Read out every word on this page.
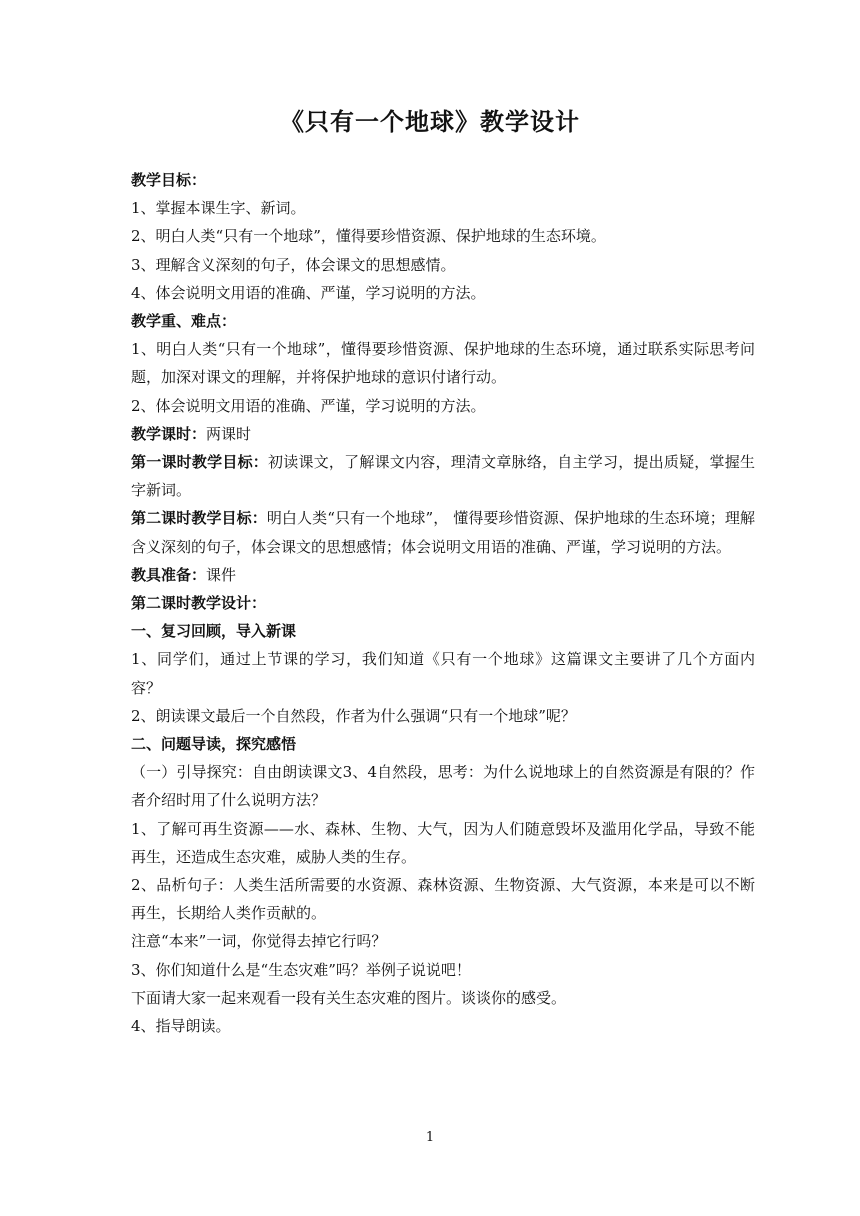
《只有一个地球》教学设计

教学目标：

1、掌握本课生字、新词。

2、明白人类“只有一个地球”，懂得要珍惜资源、保护地球的生态环境。

3、理解含义深刻的句子，体会课文的思想感情。

4、体会说明文用语的准确、严谨，学习说明的方法。

教学重、难点：

1、明白人类“只有一个地球”，懂得要珍惜资源、保护地球的生态环境，通过联系实际思考问题，加深对课文的理解，并将保护地球的意识付诸行动。

2、体会说明文用语的准确、严谨，学习说明的方法。

教学课时：两课时

第一课时教学目标：初读课文，了解课文内容，理清文章脉络，自主学习，提出质疑，掌握生字新词。

第二课时教学目标：明白人类“只有一个地球”， 懂得要珍惜资源、保护地球的生态环境；理解含义深刻的句子，体会课文的思想感情；体会说明文用语的准确、严谨，学习说明的方法。

教具准备：课件

第二课时教学设计：

一、复习回顾，导入新课

1、同学们，通过上节课的学习，我们知道《只有一个地球》这篇课文主要讲了几个方面内容？

2、朗读课文最后一个自然段，作者为什么强调“只有一个地球”呢？

二、问题导读，探究感悟

（一）引导探究：自由朗读课文3、4自然段，思考：为什么说地球上的自然资源是有限的？作者介绍时用了什么说明方法？

1、了解可再生资源——水、森林、生物、大气，因为人们随意毁坏及滥用化学品，导致不能再生，还造成生态灾难，威胁人类的生存。

2、品析句子：人类生活所需要的水资源、森林资源、生物资源、大气资源，本来是可以不断再生，长期给人类作贡献的。

注意“本来”一词，你觉得去掉它行吗？

3、你们知道什么是“生态灾难”吗？举例子说说吧！

下面请大家一起来观看一段有关生态灾难的图片。谈谈你的感受。

4、指导朗读。

1
